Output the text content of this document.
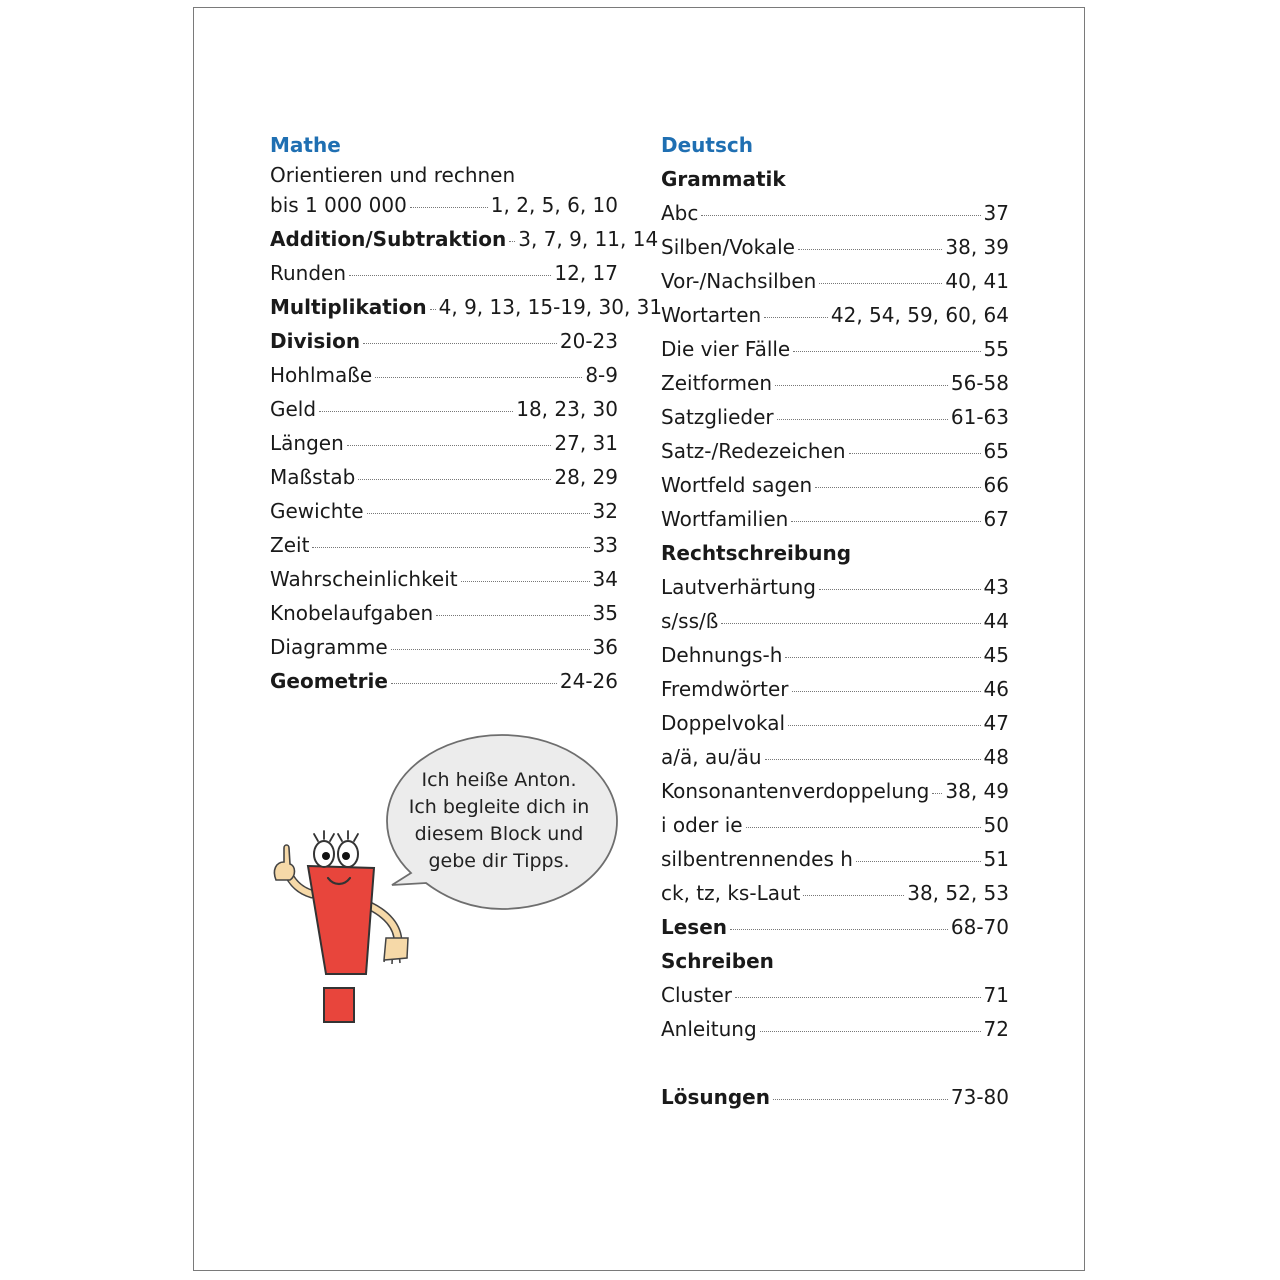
Mathe
Orientieren und rechnen
bis 1 000 000	1, 2, 5, 6, 10
Addition/Subtraktion 3, 7, 9, 11, 14
Runden	12, 17
Multiplikation 4, 9, 13, 15-19, 30, 31
Division	20-23
Hohlmaße	8-9
Geld	18, 23, 30
Längen	27, 31
Maßstab	28, 29
Gewichte	32
Zeit	33
Wahrscheinlichkeit	34
Knobelaufgaben	35
Diagramme	36
Geometrie	24-26
Deutsch
Grammatik
Abc	37
Silben/Vokale	38, 39
Vor-/Nachsilben	40, 41
Wortarten	42, 54, 59, 60, 64
Die vier Fälle	55
Zeitformen	56-58
Satzglieder	61-63
Satz-/Redezeichen	65
Wortfeld sagen	66
Wortfamilien	67
Rechtschreibung
Lautverhärtung	43
s/ss/ß	44
Dehnungs-h	45
Fremdwörter	46
Doppelvokal	47
a/ä, au/äu	48
Konsonantenverdoppelung 38, 49
i oder ie	50
silbentrennendes h	51
ck, tz, ks-Laut	38, 52, 53
Lesen	68-70
Schreiben
Cluster	71
Anleitung	72
Lösungen	73-80
Ich heiße Anton.
Ich begleite dich in
diesem Block und
gebe dir Tipps.
